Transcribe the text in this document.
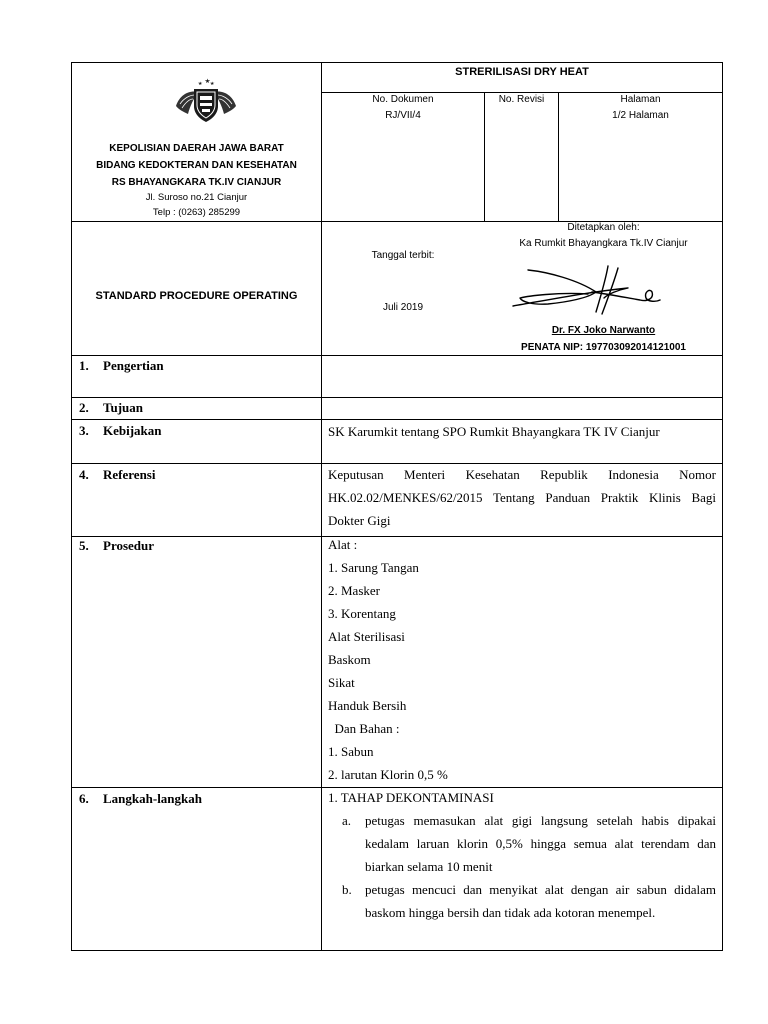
KEPOLISIAN DAERAH JAWA BARAT
BIDANG KEDOKTERAN DAN KESEHATAN
RS BHAYANGKARA TK.IV CIANJUR
Jl. Suroso no.21 Cianjur
Telp : (0263) 285299
STRERILISASI DRY HEAT
No. Dokumen
RJ/VII/4
No. Revisi	Halaman
1/2 Halaman
STANDARD PROCEDURE OPERATING
Tanggal terbit:
Juli 2019
Ditetapkan oleh:
Ka Rumkit Bhayangkara Tk.IV Cianjur
Dr. FX Joko Narwanto
PENATA NIP: 197703092014121001
1. Pengertian
2. Tujuan
3. Kebijakan
4. Referensi
5. Prosedur
6. Langkah-langkah
SK Karumkit tentang SPO Rumkit Bhayangkara TK IV Cianjur
Keputusan Menteri Kesehatan Republik Indonesia Nomor HK.02.02/MENKES/62/2015 Tentang Panduan Praktik Klinis Bagi Dokter Gigi
Alat :
1. Sarung Tangan
2. Masker
3. Korentang
Alat Sterilisasi
Baskom
Sikat
Handuk Bersih
Dan Bahan :
1. Sabun
2. larutan Klorin 0,5 %
1. TAHAP DEKONTAMINASI
a. petugas memasukan alat gigi langsung setelah habis dipakai kedalam laruan klorin 0,5% hingga semua alat terendam dan biarkan selama 10 menit
b. petugas mencuci dan menyikat alat dengan air sabun didalam baskom hingga bersih dan tidak ada kotoran menempel.
